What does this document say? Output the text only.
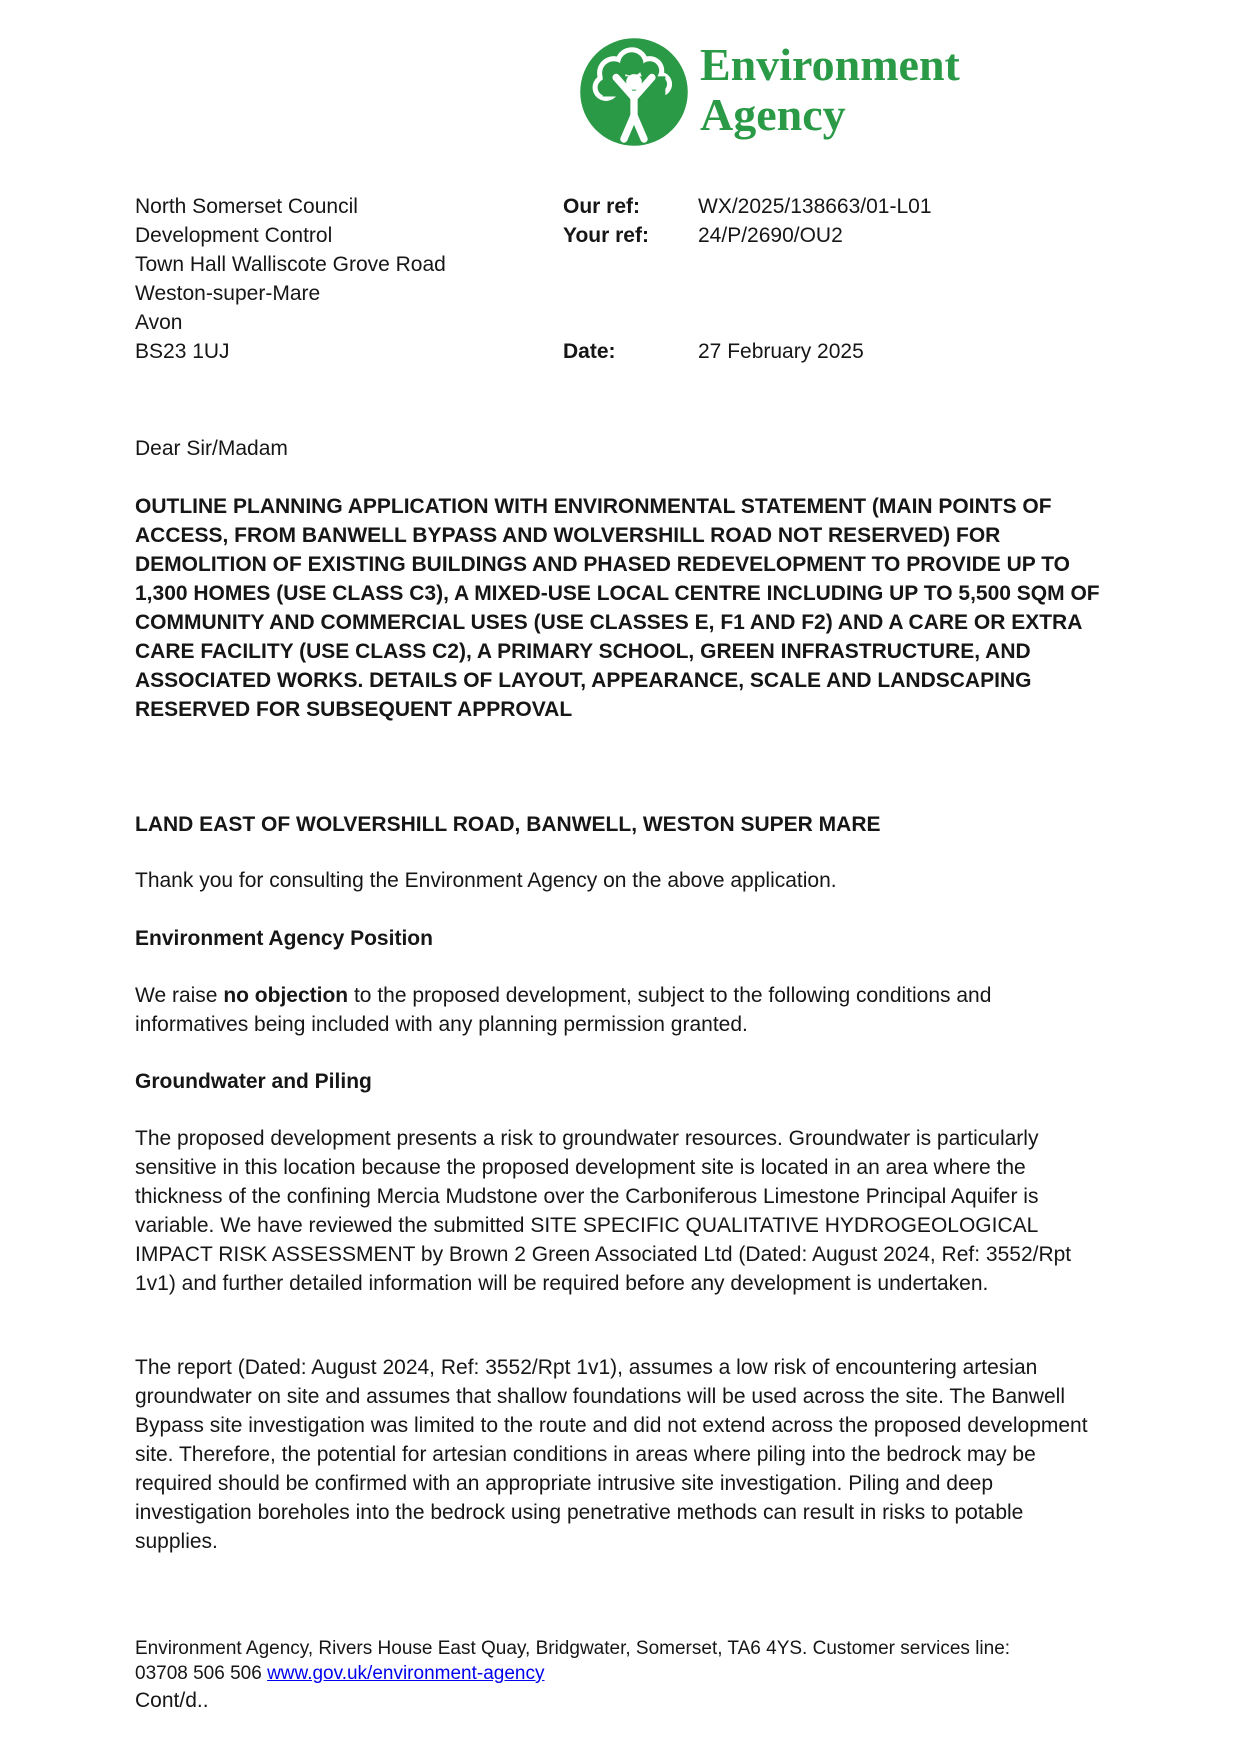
Environment
Agency
North Somerset Council
Development Control
Town Hall Walliscote Grove Road
Weston-super-Mare
Avon
BS23 1UJ
Our ref:	WX/2025/138663/01-L01
Your ref: 24/P/2690/OU2
Date:	27 February 2025
Dear Sir/Madam
OUTLINE PLANNING APPLICATION WITH ENVIRONMENTAL STATEMENT (MAIN POINTS OF ACCESS, FROM BANWELL BYPASS AND WOLVERSHILL ROAD NOT RESERVED) FOR DEMOLITION OF EXISTING BUILDINGS AND PHASED REDEVELOPMENT TO PROVIDE UP TO 1,300 HOMES (USE CLASS C3), A MIXED-USE LOCAL CENTRE INCLUDING UP TO 5,500 SQM OF COMMUNITY AND COMMERCIAL USES (USE CLASSES E, F1 AND F2) AND A CARE OR EXTRA CARE FACILITY (USE CLASS C2), A PRIMARY SCHOOL, GREEN INFRASTRUCTURE, AND ASSOCIATED WORKS. DETAILS OF LAYOUT, APPEARANCE, SCALE AND LANDSCAPING RESERVED FOR SUBSEQUENT APPROVAL
LAND EAST OF WOLVERSHILL ROAD, BANWELL, WESTON SUPER MARE
Thank you for consulting the Environment Agency on the above application.
Environment Agency Position
We raise no objection to the proposed development, subject to the following conditions and informatives being included with any planning permission granted.
Groundwater and Piling
The proposed development presents a risk to groundwater resources. Groundwater is particularly sensitive in this location because the proposed development site is located in an area where the thickness of the confining Mercia Mudstone over the Carboniferous Limestone Principal Aquifer is variable. We have reviewed the submitted SITE SPECIFIC QUALITATIVE HYDROGEOLOGICAL IMPACT RISK ASSESSMENT by Brown 2 Green Associated Ltd (Dated: August 2024, Ref: 3552/Rpt 1v1) and further detailed information will be required before any development is undertaken.
The report (Dated: August 2024, Ref: 3552/Rpt 1v1), assumes a low risk of encountering artesian groundwater on site and assumes that shallow foundations will be used across the site. The Banwell Bypass site investigation was limited to the route and did not extend across the proposed development site. Therefore, the potential for artesian conditions in areas where piling into the bedrock may be required should be confirmed with an appropriate intrusive site investigation. Piling and deep investigation boreholes into the bedrock using penetrative methods can result in risks to potable supplies.
Environment Agency, Rivers House East Quay, Bridgwater, Somerset, TA6 4YS. Customer services line:
03708 506 506 www.gov.uk/environment-agency
Cont/d..
